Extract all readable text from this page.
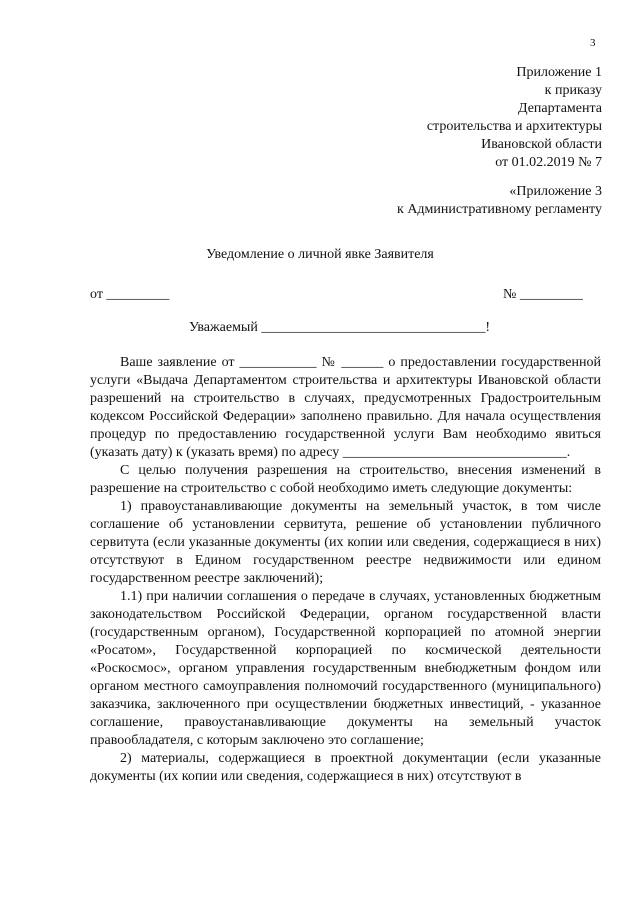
3
Приложение 1
к приказу
Департамента
строительства и архитектуры
Ивановской области
от 01.02.2019 № 7
«Приложение 3
к Административному регламенту
Уведомление о личной явке Заявителя
от _________	№ _________
Уважаемый ________________________________!

Ваше заявление от ___________ № ______ о предоставлении государственной услуги «Выдача Департаментом строительства и архитектуры Ивановской области разрешений на строительство в случаях, предусмотренных Градостроительным кодексом Российской Федерации» заполнено правильно. Для начала осуществления процедур по предоставлению государственной услуги Вам необходимо явиться (указать дату) к (указать время) по адресу ________________________________.

С целью получения разрешения на строительство, внесения изменений в разрешение на строительство с собой необходимо иметь следующие документы:

1) правоустанавливающие документы на земельный участок, в том числе соглашение об установлении сервитута, решение об установлении публичного сервитута (если указанные документы (их копии или сведения, содержащиеся в них) отсутствуют в Едином государственном реестре недвижимости или едином государственном реестре заключений);

1.1) при наличии соглашения о передаче в случаях, установленных бюджетным законодательством Российской Федерации, органом государственной власти (государственным органом), Государственной корпорацией по атомной энергии «Росатом», Государственной корпорацией по космической деятельности «Роскосмос», органом управления государственным внебюджетным фондом или органом местного самоуправления полномочий государственного (муниципального) заказчика, заключенного при осуществлении бюджетных инвестиций, - указанное соглашение, правоустанавливающие документы на земельный участок правообладателя, с которым заключено это соглашение;

2) материалы, содержащиеся в проектной документации (если указанные документы (их копии или сведения, содержащиеся в них) отсутствуют в
